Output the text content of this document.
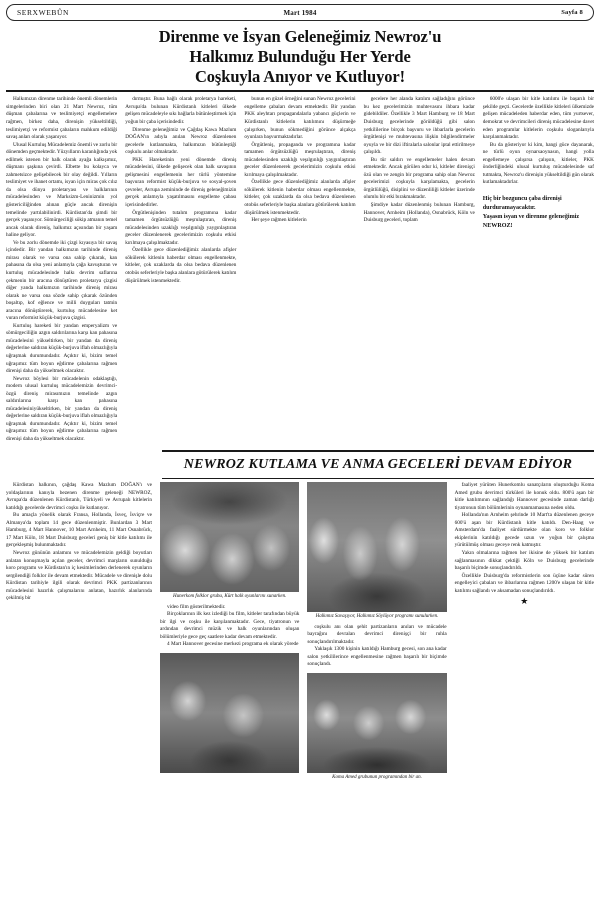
SERXWEBÛN	Mart 1984	Sayfa 8
Direnme ve İsyan Geleneğimiz Newroz'u
Halkımız Bulunduğu Her Yerde
Coşkuyla Anıyor ve Kutluyor!

Halkımızın direnme tarihinde önemli dönemlerin simgelerinden biri olan 21 Mart Newroz, tüm düşman çabalarına ve teslimiyetçi engellemelere rağmen, birkez daha, direnişin yükseltildiği, teslimiyetçi ve reformist çabaların mahkum edildiği savaş anları olarak yaşanıyor.

Ulusal Kurtuluş Mücadelemiz önemli ve zorlu bir dönemden geçmektedir. Yüzyılların karanlığında yok edilmek istenen bir halk olarak ayağa kalkışımız, düşmanı şaşkına çevirdi. Elbette bu kolayca ve zahmetsizce gelişebilecek bir olay değildi. Yılların teslimiyet ve ihanet ortamı, isyan için miras çok cılız da olsa dünya proletaryası ve halklarının mücadelesinden ve Marksizm-Leninizmin yol göstericiliğinden alınan güçle ancak direnişin temelinde yartılabilinirdi. Kürdistan'da şimdi bir gerçek yaşanıyor. Sömürgeciliği sökip atmanın temel ancak olarak direniş, halkımız açısından bir yaşam haline geliyor.

Ve bu zorlu dönemde iki çizgi kıyasıya bir savaş içindedir. Bir yandan halkımızın tarihinde direniş mirası olarak ve varsa ona sahip çıkarak, kan pahasına da olsa yeni anlamıyla çağa kavuşturan ve kurtuluş mücadelesinde halkı devrim saflarına çekmenin bir aracına dönüştüren proletarya çizgisi diğer yanda halkımızın tarihinde direniş mirası olarak ne varsa ona sözde sahip çıkarak özünden boşaltıp, kof eğlence ve milli duyguları tatmin aracına dönüştürerek, kurtuluş mücadelesine ket vuran reformist küçük-burjuva çizgisi.

Kurtuluş hareketi bir yandan emperyalizm ve sömürgeciliğin azgın saldırılarına karşı kan pahasına mücadelesini yükseltirken, bir yandan da direniş değerlerine saldıran küçük-burjuva iflah olmazlığıyla uğraşmak durumundadır. Açıktır ki, bizim temel uğraşımız tüm boyun eğdirme çabalarına rağmen direnişi daha da yükseltmek olacaktır.

Newroz böylesi bir mücadelenin odaklaştığı, modern ulusal kurtuluş mücadelemizin devrimci-özgü direniş mirasımızın temelinde azgın saldırılarına karşı kan pahasına mücadelesiniyükseltirken, bir yandan da direniş değerlerine saldıran küçük-burjuva iflah olmazlığıyla uğraşmak durumundadır. Açıktır ki, bizim temel uğraşımız tüm boyun eğdirme çabalarına rağmen direnişi daha da yükseltmek olacaktır.

dırmıştır. Buna bağlı olarak proletarya hareketi, Avrupa'da bulunan Kürdistanlı kitleleri ülkede gelişen mücadeleyle sıkı bağlarla bütünleştirmek için yoğun bir çaba içerisindedir.

Direnme geleneğimiz ve Çağdaş Kawa Mazlum DOĞAN'ın adıyla anılan Newroz düzenlenen gecelerle kutlanmakta, halkımızın bütünleştiği coşkulu anlar olmaktadır.

PKK Hareketinin yeni dönemde direniş mücadelesini, ülkede gelişecek olan halk savaşının gelişmesini engellemenin her türlü yöntemine başvuran reformist küçük-burjuva ve sosyal-şoven çevreler, Avrupa zemininde de direniş geleneğimizin gerçek anlamıyla yaşatılmasını engelleme çabası içerisindedirler.

Örgütlenişinden tutalım programına kadar tamamen örgütsüzlüğü meşrulaştıran, direniş mücadelesinden uzaklığı veşılgınlığı yaygınlaştıran geceler düzenlenerek gecelerimizin coşkulu etkisi kırılmaya çalışılmaktadır.

Özellikle gece düzenlediğimiz alanlarda afişler sökülerek kitlenin haberdar olması engellenmekte, kitleler, çok uzaklarda da olsa bedava düzenlenen otobüs seferleriyle başka alanlara götürülerek katılım düşürülmek istenmektedir.

bunun en güzel örneğini sunan Newroz gecelerini engelleme çabaları devam etmektedir. Bir yandan PKK aleyhtarı propagandalarla yabancı güçlerin ve Kürdistanlı kitlelerin katılımını düşürmeğe çalışırken, bunun sökmediğini görünce alçakça oyunlara başvurmaktadırlar.

Örgütleniş, propaganda ve programına kadar tamamen örgütsüzlüğü meşrulaştıran, direniş mücadelesinden uzaklığı veşılgınlığı yaygınlaştıran geceler düzenlenerek gecelerimizin coşkulu etkisi kırılmaya çalışılmaktadır.

Özellikle gece düzenlediğimiz alanlarda afişler sökülerek kitlenin haberdar olması engellenmekte, kitleler, çok uzaklarda da olsa bedava düzenlenen otobüs seferleriyle başka alanlara götürülerek katılım düşürülmek istenmektedir.

Her şeye rağmen kitlelerin

gecelere her alanda katılım sağladığını görünce bu kez gecelerimizin muhtevasını ihbara kadar gidebildiler. Özellikle 3 Mart Hamburg ve 18 Mart Duisburg gecelerinde görüldüğü gibi salon yetkililerine birçok başvuru ve ihbarlarla gecelerin örgütlenişi ve muhtevasına ilişkin bilgilendirmeler oyuyla ve bir dizi iftiralarla salonlar iptal ettirilmeye çalışıldı.

Bu tür saldırı ve engellemeler halen devam etmektedir. Ancak görülen odur ki, kitleler direnişçi özü olan ve zengin bir programa sahip olan Newroz gecelerimizi coşkuyla karşılamakta, gecelerin örgütlülüğü, disiplini ve düzenliliği kitleler üzerinde olumlu bir etki bırakmaktadır.

Şimdiye kadar düzenlenmiş bulunan Hamburg, Hannover, Arnheim (Hollanda), Osnabrück, Köln ve Duisburg geceleri, toplam

6000'e ulaşan bir kitle katılımı ile başarılı bir şekilde geçti. Gecelerde özellikle kitleleri ülkemizde gelişen mücadeleden haberdar eden, tüm yurtsever, demokrat ve devrimcileri direniş mücadelesine davet eden programlar kitlelerin coşkulu sloganlarıyla karşılanmaktadır.

Bu da gösteriyor ki kim, hangi güce dayanarak, ne türlü oyun oynarsaoynasın, hangi yolla engellemeye çalışırsa çalışsın, kitleler, PKK önderliğindeki ulusal kurtuluş mücadelesinde saf tutmakta, Newroz'u direnişin yükseltildiği gün olarak kutlamaktadırlar.

Hiç bir bozguncu çaba direnişi durduramayacaktır.

Yaşasın isyan ve direnme geleneğimiz NEWROZ!

NEWROZ KUTLAMA VE ANMA GECELERİ DEVAM EDİYOR

Kürdistan halkının, çağdaş Kawa Mazlum DOĞAN'ı ve yoldaşlarının kanıyla bezenen direnme geleneği NEWROZ, Avrupa'da düzenlenen Kürdistanlı, Türkiyeli ve Avrupalı kitlelerin katıldığı gecelerde devrimci coşku ile kutlanıyor.

Bu amaçla yönelik olarak Fransa, Hollanda, İsveç, İsviçre ve Almanya'da toplam 14 gece düzenlenmiştir. Bunlardan 3 Mart Hamburg, 4 Mart Hannover, 10 Mart Arnheim, 11 Mart Osnabrück, 17 Mart Köln, 18 Mart Duisburg geceleri geniş bir kitle katılımı ile gerçekleşmiş bulunmaktadır.

Newroz gününün anlamını ve mücadelemizin geldiği boyutları anlatan konuşmayla açılan geceler, devrimci marşların sunulduğu koro programı ve Kürdistan'ın iç kesimlerinden derlenerek oyunların sergilendiği folklor ile devam etmektedir. Mücadele ve direnişle dolu Kürdistan tarihiyle ilgili olarak devrimci PKK partizanlarının mücadelesini hazırlık çalışmalarını anlatan, hazırlık alanlarında çekilmiş bir	Hunerkom folklor grubu, Kürt halk oyunlarını sunarken.

video film gösterilmektedir.

Birçoklarının ilk kez izlediği bu film, kitleler tarafından büyük bir ilgi ve coşku ile karşılanmaktadır. Gece, tiyatronun ve ardından devrimci müzik ve halk oyunlarından oluşan bölümleriyle gece geç saatlere kadar devam etmektedir.

4 Mart Hannover gecesine merkezi programa ek olarak yörede

Halkımız Savaşıyor, Halkımız Söylüyor programı sunulurken.

coşkulu anı olan şehit partizanların anıları ve mücadele bayrağını devralan devrimci direnişçi bir ruhla sonuçlandırılmaktadır.

Yaklaşık 1300 kişinin katıldığı Hamburg gecesi, son ana kadar salon yetkililerince engellenmesine rağmen başarılı bir biçimde sonuçlandı.

Koma Amed grubunun programından bir an.

faaliyet yürüten Hunerkomlu sanatçıların oluşturduğu Koma Amed grubu devrimci türküleri ile konuk oldu. 800'ü aşan bir kitle katılımının sağlandığı Hannover gecesinde zaman darlığı tiyatronun tüm bölümlerinin oynanmamasına neden oldu.

Hollanda'nın Arnheim şehrinde 10 Mart'ta düzenlenen geceye 600'ü aşan bir Kürdistanlı kitle katıldı. Den-Haag ve Amsterdam'da faaliyet sürdürmekte olan koro ve folklor ekiplerinin katıldığı gecede uzun ve yoğun bir çalışma yürütülmüş olması geceye renk katmıştır.

Yakın olmalarına rağmen her ikisine de yüksek bir katılım sağlanmasının dikkat çektiği Köln ve Duisburg gecelerinde başarılı biçimde sonuçlandırıldı.

Özellikle Duisburg'da reformistlerin son üçüne kadar süren engelleyici çabaları ve ihbarlarına rağmen 1200'e ulaşan bir kitle katılımı sağlandı ve aksamadan sonuçlandırıldı.

★
